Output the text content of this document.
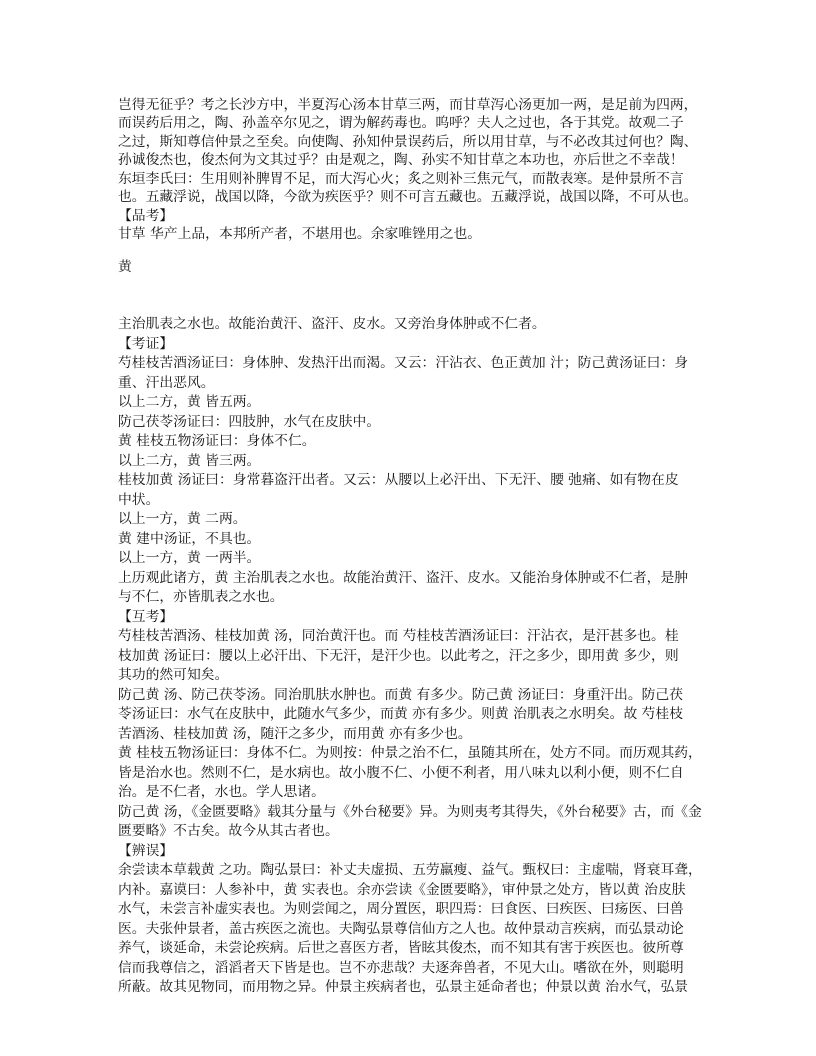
岂得无征乎？考之长沙方中，半夏泻心汤本甘草三两，而甘草泻心汤更加一两，是足前为四两，
而误药后用之，陶、孙盖卒尔见之，谓为解药毒也。呜呼？夫人之过也，各于其党。故观二子
之过，斯知尊信仲景之至矣。向使陶、孙知仲景误药后，所以用甘草，与不必改其过何也？陶、
孙诚俊杰也，俊杰何为文其过乎？由是观之，陶、孙实不知甘草之本功也，亦后世之不幸哉！
东垣李氏曰：生用则补脾胃不足，而大泻心火；炙之则补三焦元气，而散表寒。是仲景所不言
也。五藏浮说，战国以降，今欲为疾医乎？则不可言五藏也。五藏浮说，战国以降，不可从也。
【品考】
甘草 华产上品，本邦所产者，不堪用也。余家唯锉用之也。
黄
主治肌表之水也。故能治黄汗、盗汗、皮水。又旁治身体肿或不仁者。
【考证】
芍桂枝苦酒汤证曰：身体肿、发热汗出而渴。又云：汗沾衣、色正黄加 汁；防己黄汤证曰：身
重、汗出恶风。
以上二方，黄 皆五两。
防己茯苓汤证曰：四肢肿，水气在皮肤中。
黄 桂枝五物汤证曰：身体不仁。
以上二方，黄 皆三两。
桂枝加黄 汤证曰：身常暮盗汗出者。又云：从腰以上必汗出、下无汗、腰 弛痛、如有物在皮
中状。
以上一方，黄 二两。
黄 建中汤证，不具也。
以上一方，黄 一两半。
上历观此诸方，黄 主治肌表之水也。故能治黄汗、盗汗、皮水。又能治身体肿或不仁者，是肿
与不仁，亦皆肌表之水也。
【互考】
芍桂枝苦酒汤、桂枝加黄 汤，同治黄汗也。而 芍桂枝苦酒汤证曰：汗沾衣，是汗甚多也。桂
枝加黄 汤证曰：腰以上必汗出、下无汗，是汗少也。以此考之，汗之多少，即用黄 多少，则
其功的然可知矣。
防己黄 汤、防己茯苓汤。同治肌肤水肿也。而黄 有多少。防己黄 汤证曰：身重汗出。防己茯
苓汤证曰：水气在皮肤中，此随水气多少，而黄 亦有多少。则黄 治肌表之水明矣。故 芍桂枝
苦酒汤、桂枝加黄 汤，随汗之多少，而用黄 亦有多少也。
黄 桂枝五物汤证曰：身体不仁。为则按：仲景之治不仁，虽随其所在，处方不同。而历观其药，
皆是治水也。然则不仁，是水病也。故小腹不仁、小便不利者，用八味丸以利小便，则不仁自
治。是不仁者，水也。学人思诸。
防己黄 汤，《金匮要略》载其分量与《外台秘要》异。为则夷考其得失，《外台秘要》古，而《金
匮要略》不古矣。故今从其古者也。
【辨误】
余尝读本草载黄 之功。陶弘景曰：补丈夫虚损、五劳羸瘦、益气。甄权曰：主虚喘，肾衰耳聋，
内补。嘉谟曰：人参补中，黄 实表也。余亦尝读《金匮要略》，审仲景之处方，皆以黄 治皮肤
水气，未尝言补虚实表也。为则尝闻之，周分置医，职四焉：曰食医、曰疾医、曰疡医、曰兽
医。夫张仲景者，盖古疾医之流也。夫陶弘景尊信仙方之人也。故仲景动言疾病，而弘景动论
养气，谈延命，未尝论疾病。后世之喜医方者，皆眩其俊杰，而不知其有害于疾医也。彼所尊
信而我尊信之，滔滔者天下皆是也。岂不亦悲哉？夫逐奔兽者，不见大山。嗜欲在外，则聪明
所蔽。故其见物同，而用物之异。仲景主疾病者也，弘景主延命者也；仲景以黄 治水气，弘景
